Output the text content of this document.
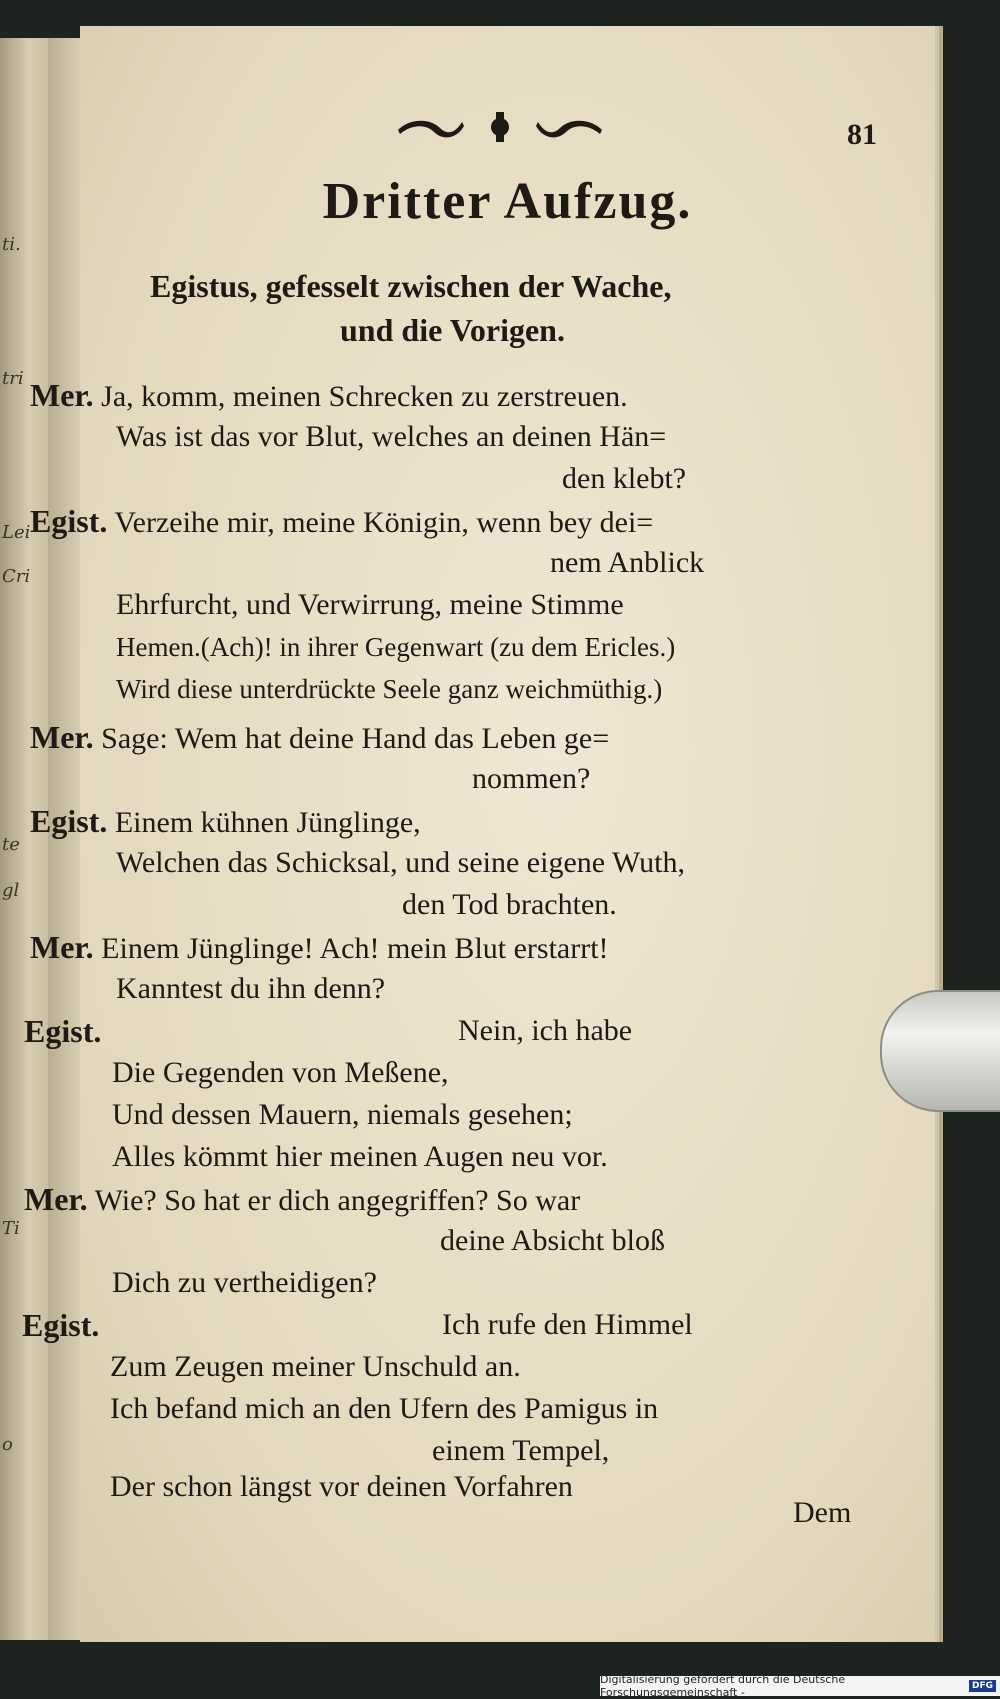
ti.
tri
Lei
Cri
te
gl
Ti
o
81
Dritter Aufzug.
Egistus, gefesselt zwischen der Wache,
und die Vorigen.
Mer. Ja, komm, meinen Schrecken zu zerstreuen.
Was ist das vor Blut, welches an deinen Hän=
den klebt?
Egist. Verzeihe mir, meine Königin, wenn bey dei=
nem Anblick
Ehrfurcht, und Verwirrung, meine Stimme
Hemen.(Ach)! in ihrer Gegenwart (zu dem Ericles.)
Wird diese unterdrückte Seele ganz weichmüthig.)
Mer. Sage: Wem hat deine Hand das Leben ge=
nommen?
Egist. Einem kühnen Jünglinge,
Welchen das Schicksal, und seine eigene Wuth,
den Tod brachten.
Mer. Einem Jünglinge! Ach! mein Blut erstarrt!
Kanntest du ihn denn?
Egist.	Nein, ich habe
Die Gegenden von Meßene,
Und dessen Mauern, niemals gesehen;
Alles kömmt hier meinen Augen neu vor.
Mer. Wie? So hat er dich angegriffen? So war
deine Absicht bloß
Dich zu vertheidigen?
Egist.	Ich rufe den Himmel
Zum Zeugen meiner Unschuld an.
Ich befand mich an den Ufern des Pamigus in
einem Tempel,
Der schon längst vor deinen Vorfahren
Dem
Digitalisierung gefördert durch die Deutsche Forschungsgemeinschaft -	DFG
